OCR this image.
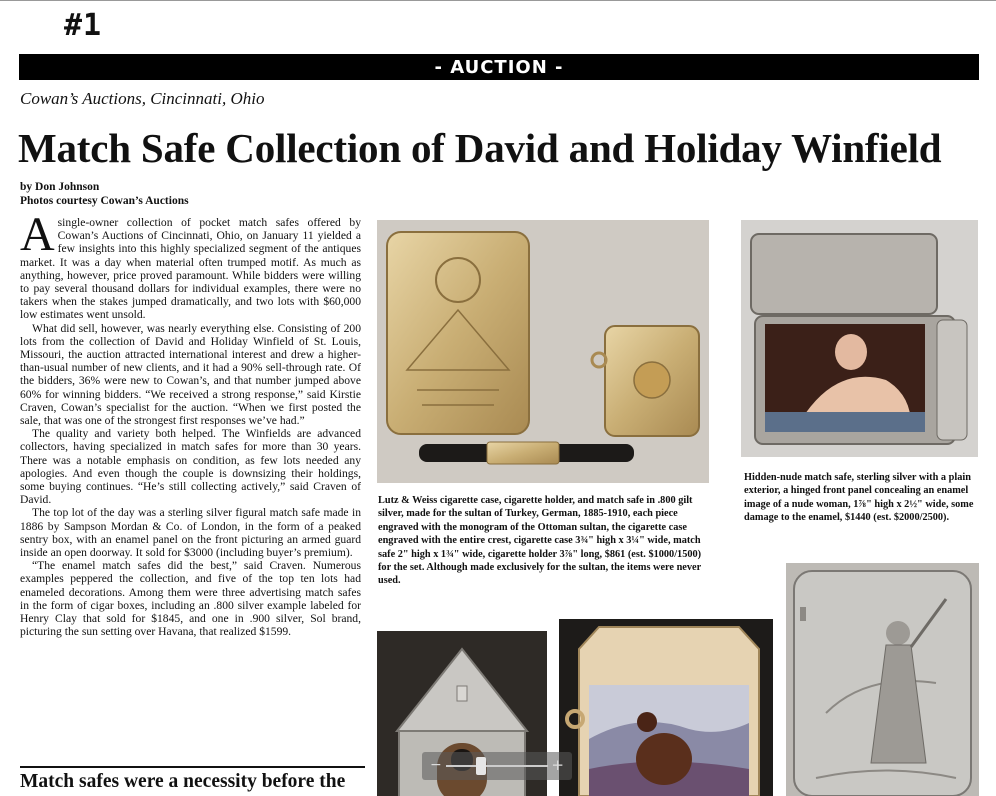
#1
- AUCTION -
Cowan’s Auctions, Cincinnati, Ohio
Match Safe Collection of David and Holiday Winfield
by Don Johnson
Photos courtesy Cowan’s Auctions

Asingle-owner collection of pocket match safes offered by Cowan’s Auctions of Cincinnati, Ohio, on January 11 yielded a few insights into this highly specialized segment of the antiques market. It was a day when material often trumped motif. As much as anything, however, price proved paramount. While bidders were willing to pay several thousand dollars for individual examples, there were no takers when the stakes jumped dramatically, and two lots with $60,000 low estimates went unsold.

What did sell, however, was nearly everything else. Consisting of 200 lots from the collection of David and Holiday Winfield of St. Louis, Missouri, the auction attracted international interest and drew a higher-than-usual number of new clients, and it had a 90% sell-through rate. Of the bidders, 36% were new to Cowan’s, and that number jumped above 60% for winning bidders. “We received a strong response,” said Kirstie Craven, Cowan’s specialist for the auction. “When we first posted the sale, that was one of the strongest first responses we’ve had.”

The quality and variety both helped. The Winfields are advanced collectors, having specialized in match safes for more than 30 years. There was a notable emphasis on condition, as few lots needed any apologies. And even though the couple is downsizing their holdings, some buying continues. “He’s still collecting actively,” said Craven of David.

The top lot of the day was a sterling silver figural match safe made in 1886 by Sampson Mordan & Co. of London, in the form of a peaked sentry box, with an enamel panel on the front picturing an armed guard inside an open doorway. It sold for $3000 (including buyer’s premium).

“The enamel match safes did the best,” said Craven. Numerous examples peppered the collection, and five of the top ten lots had enameled decorations. Among them were three advertising match safes in the form of cigar boxes, including an .800 silver example labeled for Henry Clay that sold for $1845, and one in .900 silver, Sol brand, picturing the sun setting over Havana, that realized $1599.

Match safes were a necessity before the
Lutz & Weiss cigarette case, cigarette holder, and match safe in .800 gilt silver, made for the sultan of Turkey, German, 1885-1910, each piece engraved with the monogram of the Ottoman sultan, the cigarette case engraved with the entire crest, cigarette case 3¾" high x 3¼" wide, match safe 2" high x 1¾" wide, cigarette holder 3⅞" long, $861 (est. $1000/1500) for the set. Although made exclusively for the sultan, the items were never used.
Hidden-nude match safe, sterling silver with a plain exterior, a hinged front panel concealing an enamel image of a nude woman, 1⅞" high x 2½" wide, some damage to the enamel, $1440 (est. $2000/2500).
−	+
